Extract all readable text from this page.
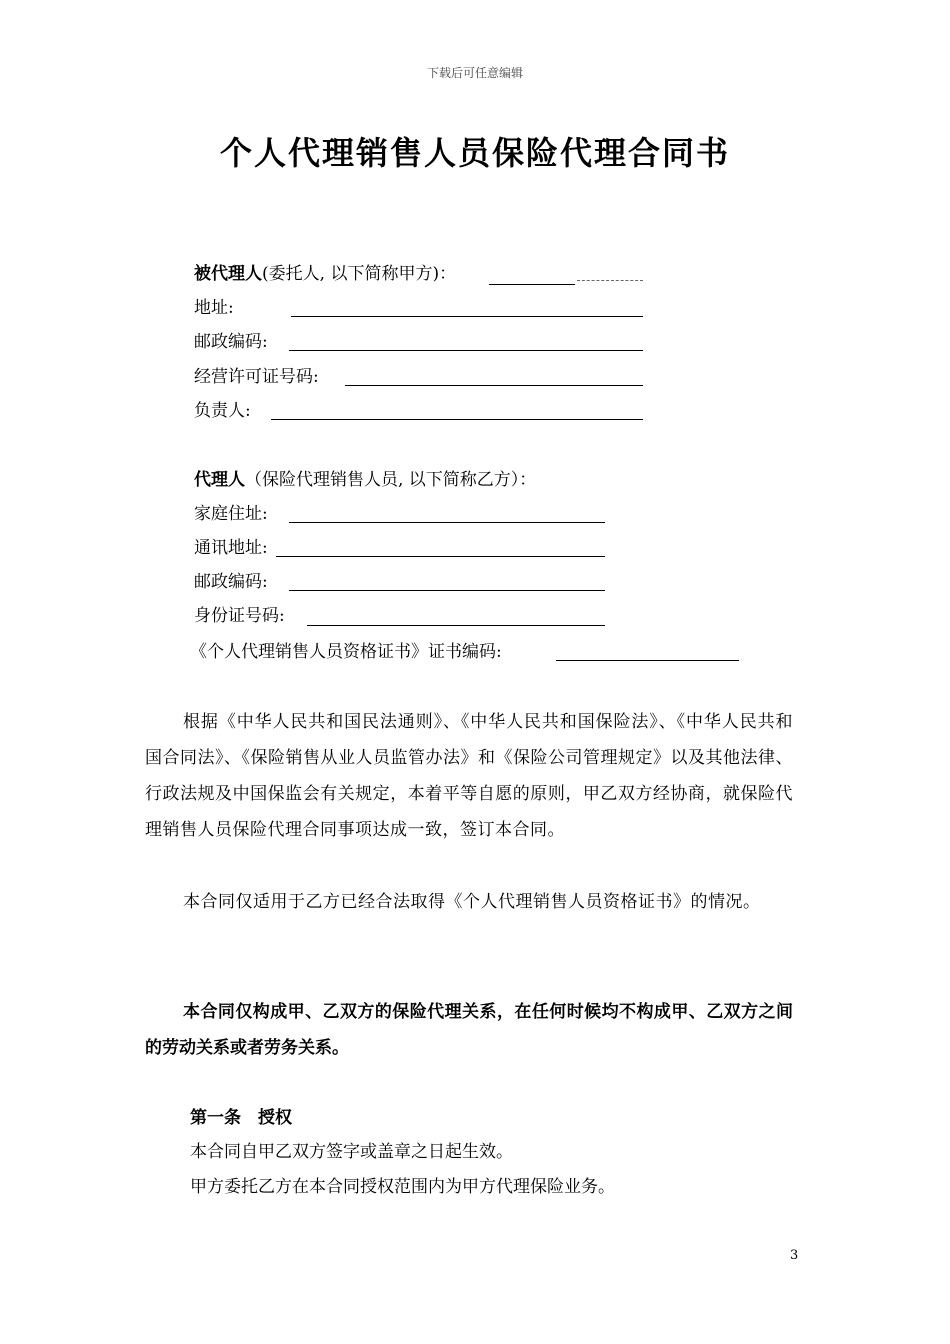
下载后可任意编辑
个人代理销售人员保险代理合同书
被代理人(委托人, 以下简称甲方)：
地址:
邮政编码:
经营许可证号码:
负责人:
代理人（保险代理销售人员, 以下简称乙方）：
家庭住址:
通讯地址:
邮政编码:
身份证号码:
《个人代理销售人员资格证书》证书编码:
根据《中华人民共和国民法通则》、《中华人民共和国保险法》、《中华人民共和国合同法》、《保险销售从业人员监管办法》和《保险公司管理规定》以及其他法律、行政法规及中国保监会有关规定，本着平等自愿的原则，甲乙双方经协商，就保险代理销售人员保险代理合同事项达成一致，签订本合同。
本合同仅适用于乙方已经合法取得《个人代理销售人员资格证书》的情况。
本合同仅构成甲、乙双方的保险代理关系，在任何时候均不构成甲、乙双方之间的劳动关系或者劳务关系。
第一条　授权
本合同自甲乙双方签字或盖章之日起生效。
甲方委托乙方在本合同授权范围内为甲方代理保险业务。
3
